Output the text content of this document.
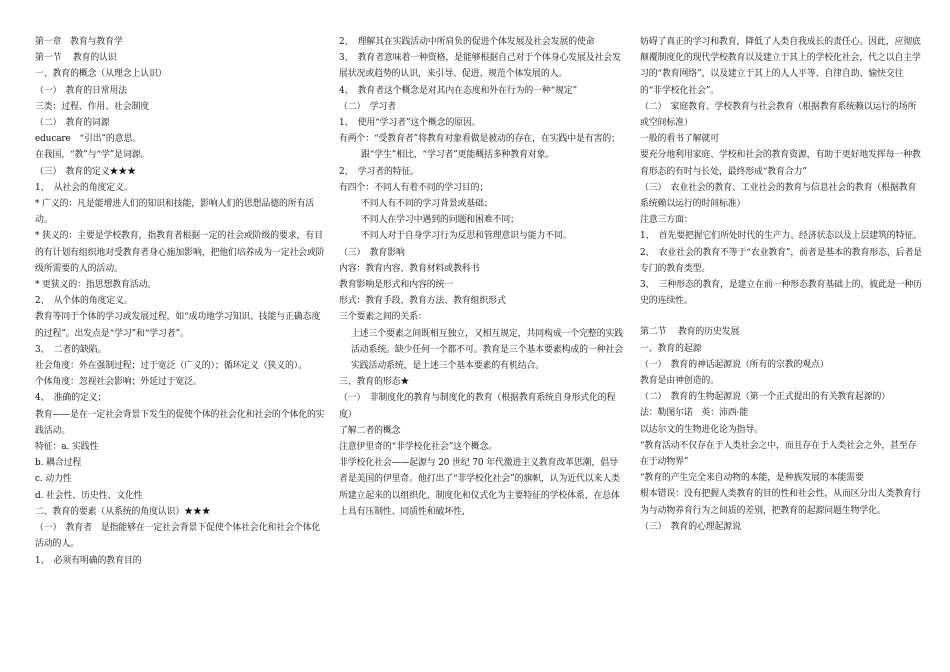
第一章　教育与教育学

第一节　 教育的认识

一、教育的概念（从理念上认识）

（一）　教育的日常用法

三类：过程、作用、社会制度

（二）　教育的词源

educare　“引出”的意思。

在我国，“教”与“学”是词源。

（三）　教育的定义★★★

1、　从社会的角度定义。

* 广义的：凡是能增进人们的知识和技能，影响人们的思想品德的所有活动。

* 狭义的：主要是学校教育，指教育者根据一定的社会或阶级的要求，有目的有计划有组织地对受教育者身心施加影响，把他们培养成为一定社会或阶级所需要的人的活动。

* 更狭义的：指思想教育活动。

2、　从个体的角度定义。

教育等同于个体的学习或发展过程，如“成功地学习知识、技能与正确态度的过程”。出发点是“学习”和“学习者”。

3、　二者的缺陷。

社会角度：外在强制过程；过于宽泛（广义的）；循环定义（狭义的）。

个体角度：忽视社会影响；外延过于宽泛。

4、　准确的定义；

教育——是在一定社会背景下发生的促使个体的社会化和社会的个体化的实践活动。

特征：a. 实践性

b. 耦合过程

c. 动力性

d. 社会性、历史性、文化性

二、教育的要素（从系统的角度认识）★★★

（一）　教育者　是指能够在一定社会背景下促使个体社会化和社会个体化活动的人。

1、　必须有明确的教育目的

2、　理解其在实践活动中所肩负的促进个体发展及社会发展的使命

3、　教育者意味着一种资格，是能够根据自己对于个体身心发展及社会发展状况或趋势的认识，来引导、促进、规范个体发展的人。

4、　教育者这个概念是对其内在态度和外在行为的一种“规定”

（二）　学习者

1、　使用“学习者”这个概念的原因。

有两个：“受教育者”将教育对象看做是被动的存在，在实践中是有害的；

跟“学生”相比，“学习者”更能概括多种教育对象。

2、　学习者的特征。

有四个：不同人有着不同的学习目的；

不同人有不同的学习背景或基础；

不同人在学习中遇到的问题和困难不同；

不同人对于自身学习行为反思和管理意识与能力不同。

（三）　教育影响

内容：教育内容、教育材料或教科书

教育影响是形式和内容的统一

形式：教育手段、教育方法、教育组织形式

三个要素之间的关系：

上述三个要素之间既相互独立，又相互规定，共同构成一个完整的实践活动系统。缺少任何一个都不可。教育是三个基本要素构成的一种社会实践活动系统，是上述三个基本要素的有机结合。

三、教育的形态★

（一）　非制度化的教育与制度化的教育（根据教育系统自身形式化的程度）

了解二者的概念

注意伊里奇的“非学校化社会”这个概念。

非学校化社会——起源与 20 世纪 70 年代激进主义教育改革思潮，倡导者是美国的伊里奇。他打出了“非学校化社会”的旗帜，认为近代以来人类所建立起来的以组织化、制度化和仪式化为主要特征的学校体系，在总体上具有压制性、同质性和破坏性，

妨碍了真正的学习和教育，降低了人类自我成长的责任心。因此，应彻底颠覆制度化的现代学校教育以及建立于其上的学校化社会，代之以自主学习的“教育网络”，以及建立于其上的人人平等、自律自助、愉快交往的“非学校化社会”。

（二）　家庭教育、学校教育与社会教育（根据教育系统赖以运行的场所或空间标准）

一般的看书了解就可

要充分地利用家庭、学校和社会的教育资源，有助于更好地发挥每一种教育形态的有时与长处，最终形成“教育合力”

（三）　农业社会的教育、工业社会的教育与信息社会的教育（根据教育系统赖以运行的时间标准）

注意三方面：

1、　首先要把握它们所处时代的生产力、经济状态以及上层建筑的特征。

2、　农业社会的教育不等于“农业教育”，前者是基本的教育形态，后者是专门的教育类型。

3、　三种形态的教育，是建立在前一种形态教育基础上的，彼此是一种历史的连续性。

第二节　 教育的历史发展

一、教育的起源

（一）　教育的神话起源说（所有的宗教的观点）

教育是由神创造的。

（二）　教育的生物起源说（第一个正式提出的有关教育起源的）

法：勒图尔诺　英：沛西·能

以达尔文的生物进化论为指导。

“教育活动不仅存在于人类社会之中，而且存在于人类社会之外，甚至存在于动物界”

“教育的产生完全来自动物的本能，是种族发展的本能需要

根本错误：没有把握人类教育的目的性和社会性，从而区分出人类教育行为与动物养育行为之间质的差别，把教育的起源问题生物学化。

（三）　教育的心理起源说
